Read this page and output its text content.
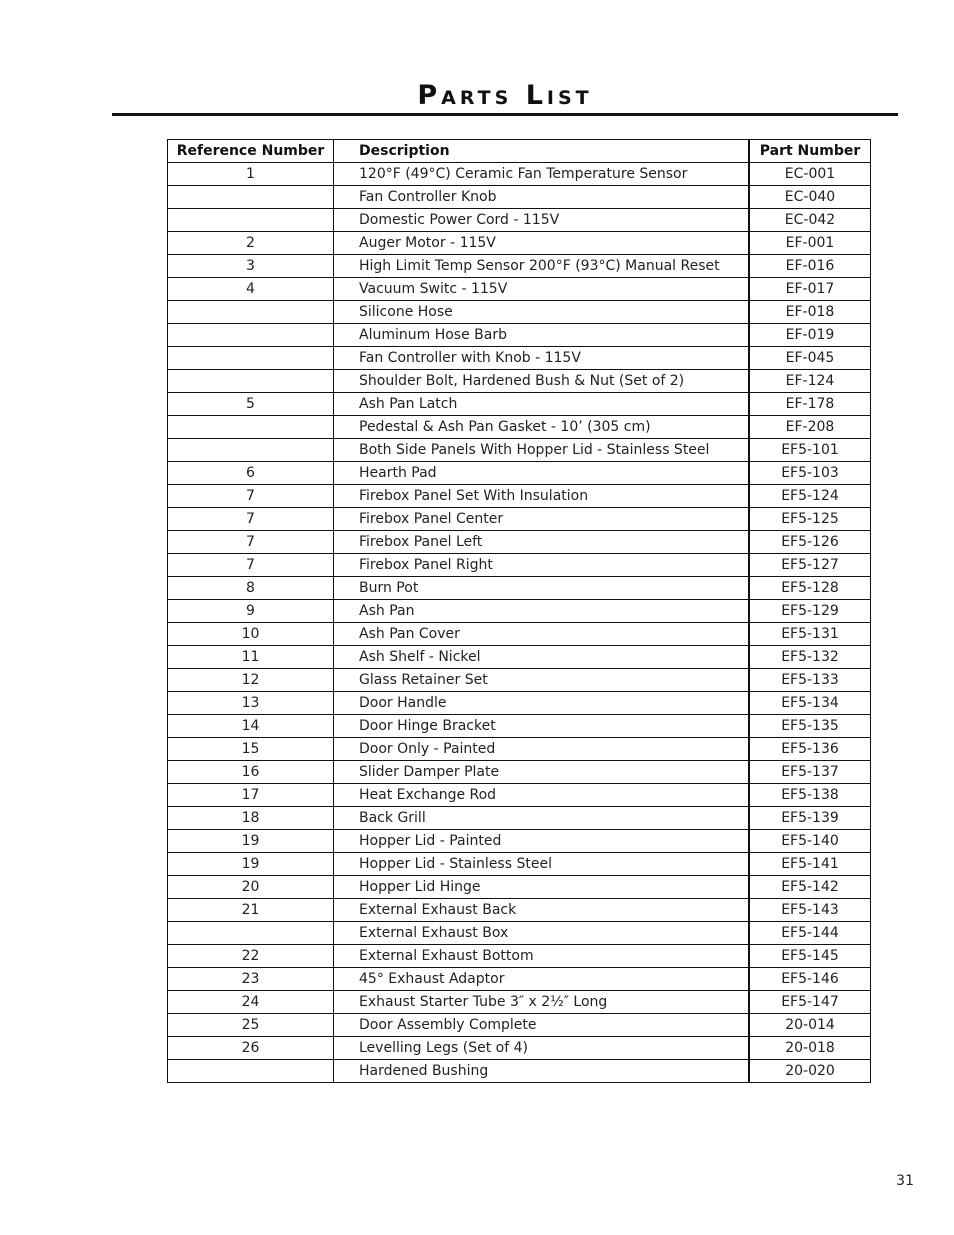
Parts List
Reference Number	Description	Part Number
1	120°F (49°C) Ceramic Fan Temperature Sensor	EC-001
	Fan Controller Knob	EC-040
	Domestic Power Cord - 115V	EC-042
2	Auger Motor - 115V	EF-001
3	High Limit Temp Sensor 200°F (93°C) Manual Reset	EF-016
4	Vacuum Switc - 115V	EF-017
	Silicone Hose	EF-018
	Aluminum Hose Barb	EF-019
	Fan Controller with Knob - 115V	EF-045
	Shoulder Bolt, Hardened Bush & Nut (Set of 2)	EF-124
5	Ash Pan Latch	EF-178
	Pedestal & Ash Pan Gasket - 10’ (305 cm)	EF-208
	Both Side Panels With Hopper Lid - Stainless Steel	EF5-101
6	Hearth Pad	EF5-103
7	Firebox Panel Set With Insulation	EF5-124
7	Firebox Panel Center	EF5-125
7	Firebox Panel Left	EF5-126
7	Firebox Panel Right	EF5-127
8	Burn Pot	EF5-128
9	Ash Pan	EF5-129
10	Ash Pan Cover	EF5-131
11	Ash Shelf - Nickel	EF5-132
12	Glass Retainer Set	EF5-133
13	Door Handle	EF5-134
14	Door Hinge Bracket	EF5-135
15	Door Only - Painted	EF5-136
16	Slider Damper Plate	EF5-137
17	Heat Exchange Rod	EF5-138
18	Back Grill	EF5-139
19	Hopper Lid - Painted	EF5-140
19	Hopper Lid - Stainless Steel	EF5-141
20	Hopper Lid Hinge	EF5-142
21	External Exhaust Back	EF5-143
	External Exhaust Box	EF5-144
22	External Exhaust Bottom	EF5-145
23	45° Exhaust Adaptor	EF5-146
24	Exhaust Starter Tube 3″ x 2½″ Long	EF5-147
25	Door Assembly Complete	20-014
26	Levelling Legs (Set of 4)	20-018
	Hardened Bushing	20-020
31
